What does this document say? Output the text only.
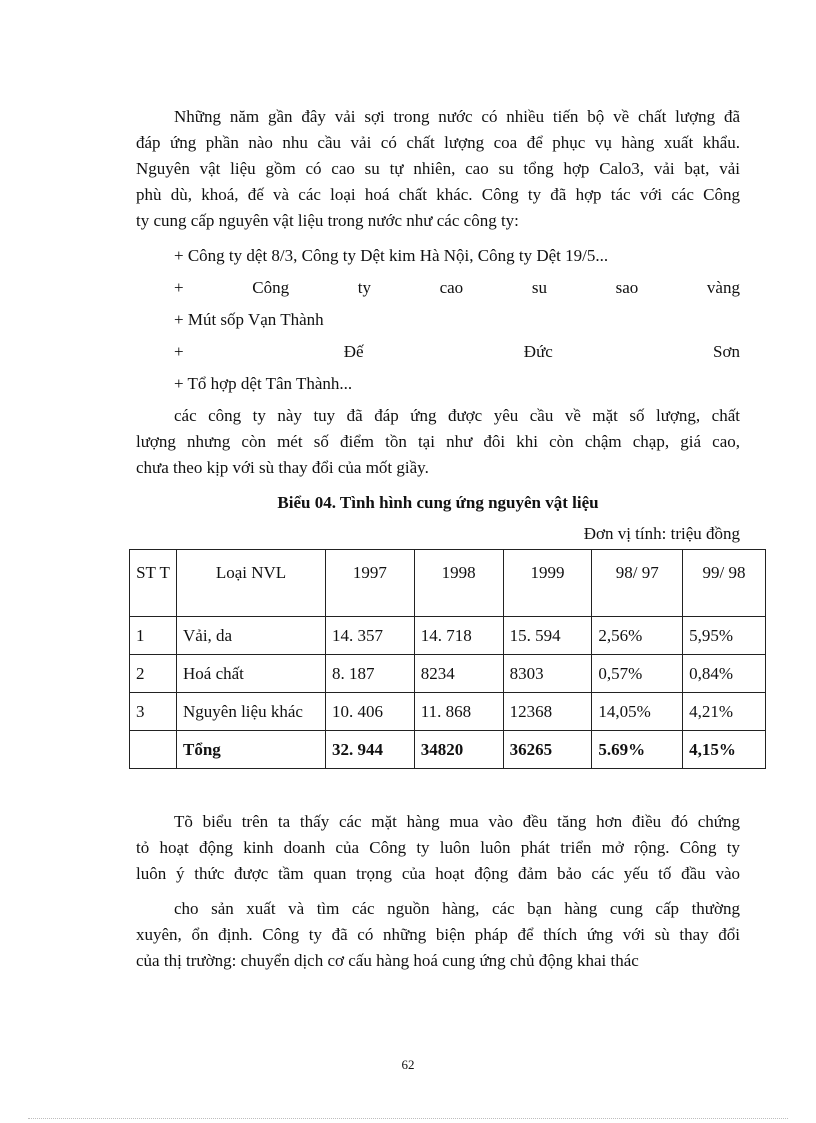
Những năm gần đây vải sợi trong nước có nhiều tiến bộ về chất lượng đã
đáp ứng phần nào nhu cầu vải có chất lượng coa để phục vụ hàng xuất khẩu.
Nguyên vật liệu gồm có cao su tự nhiên, cao su tổng hợp Calo3, vải bạt, vải
phù dù, khoá, đế và các loại hoá chất khác. Công ty đã hợp tác với các Công
ty cung cấp nguyên vật liệu trong nước như các công ty:
+ Công ty dệt 8/3, Công ty Dệt kim Hà Nội, Công ty Dệt 19/5...
+	Công	ty	cao	su	sao	vàng
+ Mút sốp Vạn Thành
+	Đế	Đức	Sơn
+ Tổ hợp dệt Tân Thành...
các công ty này tuy đã đáp ứng được yêu cầu về mặt số lượng, chất
lượng nhưng còn mét số điểm tồn tại như đôi khi còn chậm chạp, giá cao,
chưa theo kịp với sù thay đổi của mốt giầy.
Biểu 04. Tình hình cung ứng nguyên vật liệu
Đơn vị tính: triệu đồng
ST T	Loại NVL	1997	1998	1999	98/ 97	99/ 98
1	Vải, da	14. 357	14. 718	15. 594	2,56%	5,95%
2	Hoá chất	8. 187	8234	8303	0,57%	0,84%
3	Nguyên liệu khác	10. 406	11. 868	12368	14,05%	4,21%
	Tổng	32. 944	34820	36265	5.69%	4,15%
Tõ biểu trên ta thấy các mặt hàng mua vào đều tăng hơn điều đó chứng
tỏ hoạt động kinh doanh của Công ty luôn luôn phát triển mở rộng. Công ty
luôn ý thức được tầm quan trọng của hoạt động đảm bảo các yếu tố đầu vào
cho sản xuất và tìm các nguồn hàng, các bạn hàng cung cấp thường
xuyên, ổn định. Công ty đã có những biện pháp để thích ứng với sù thay đổi
của thị trường: chuyển dịch cơ cấu hàng hoá cung ứng chủ động khai thác
62
